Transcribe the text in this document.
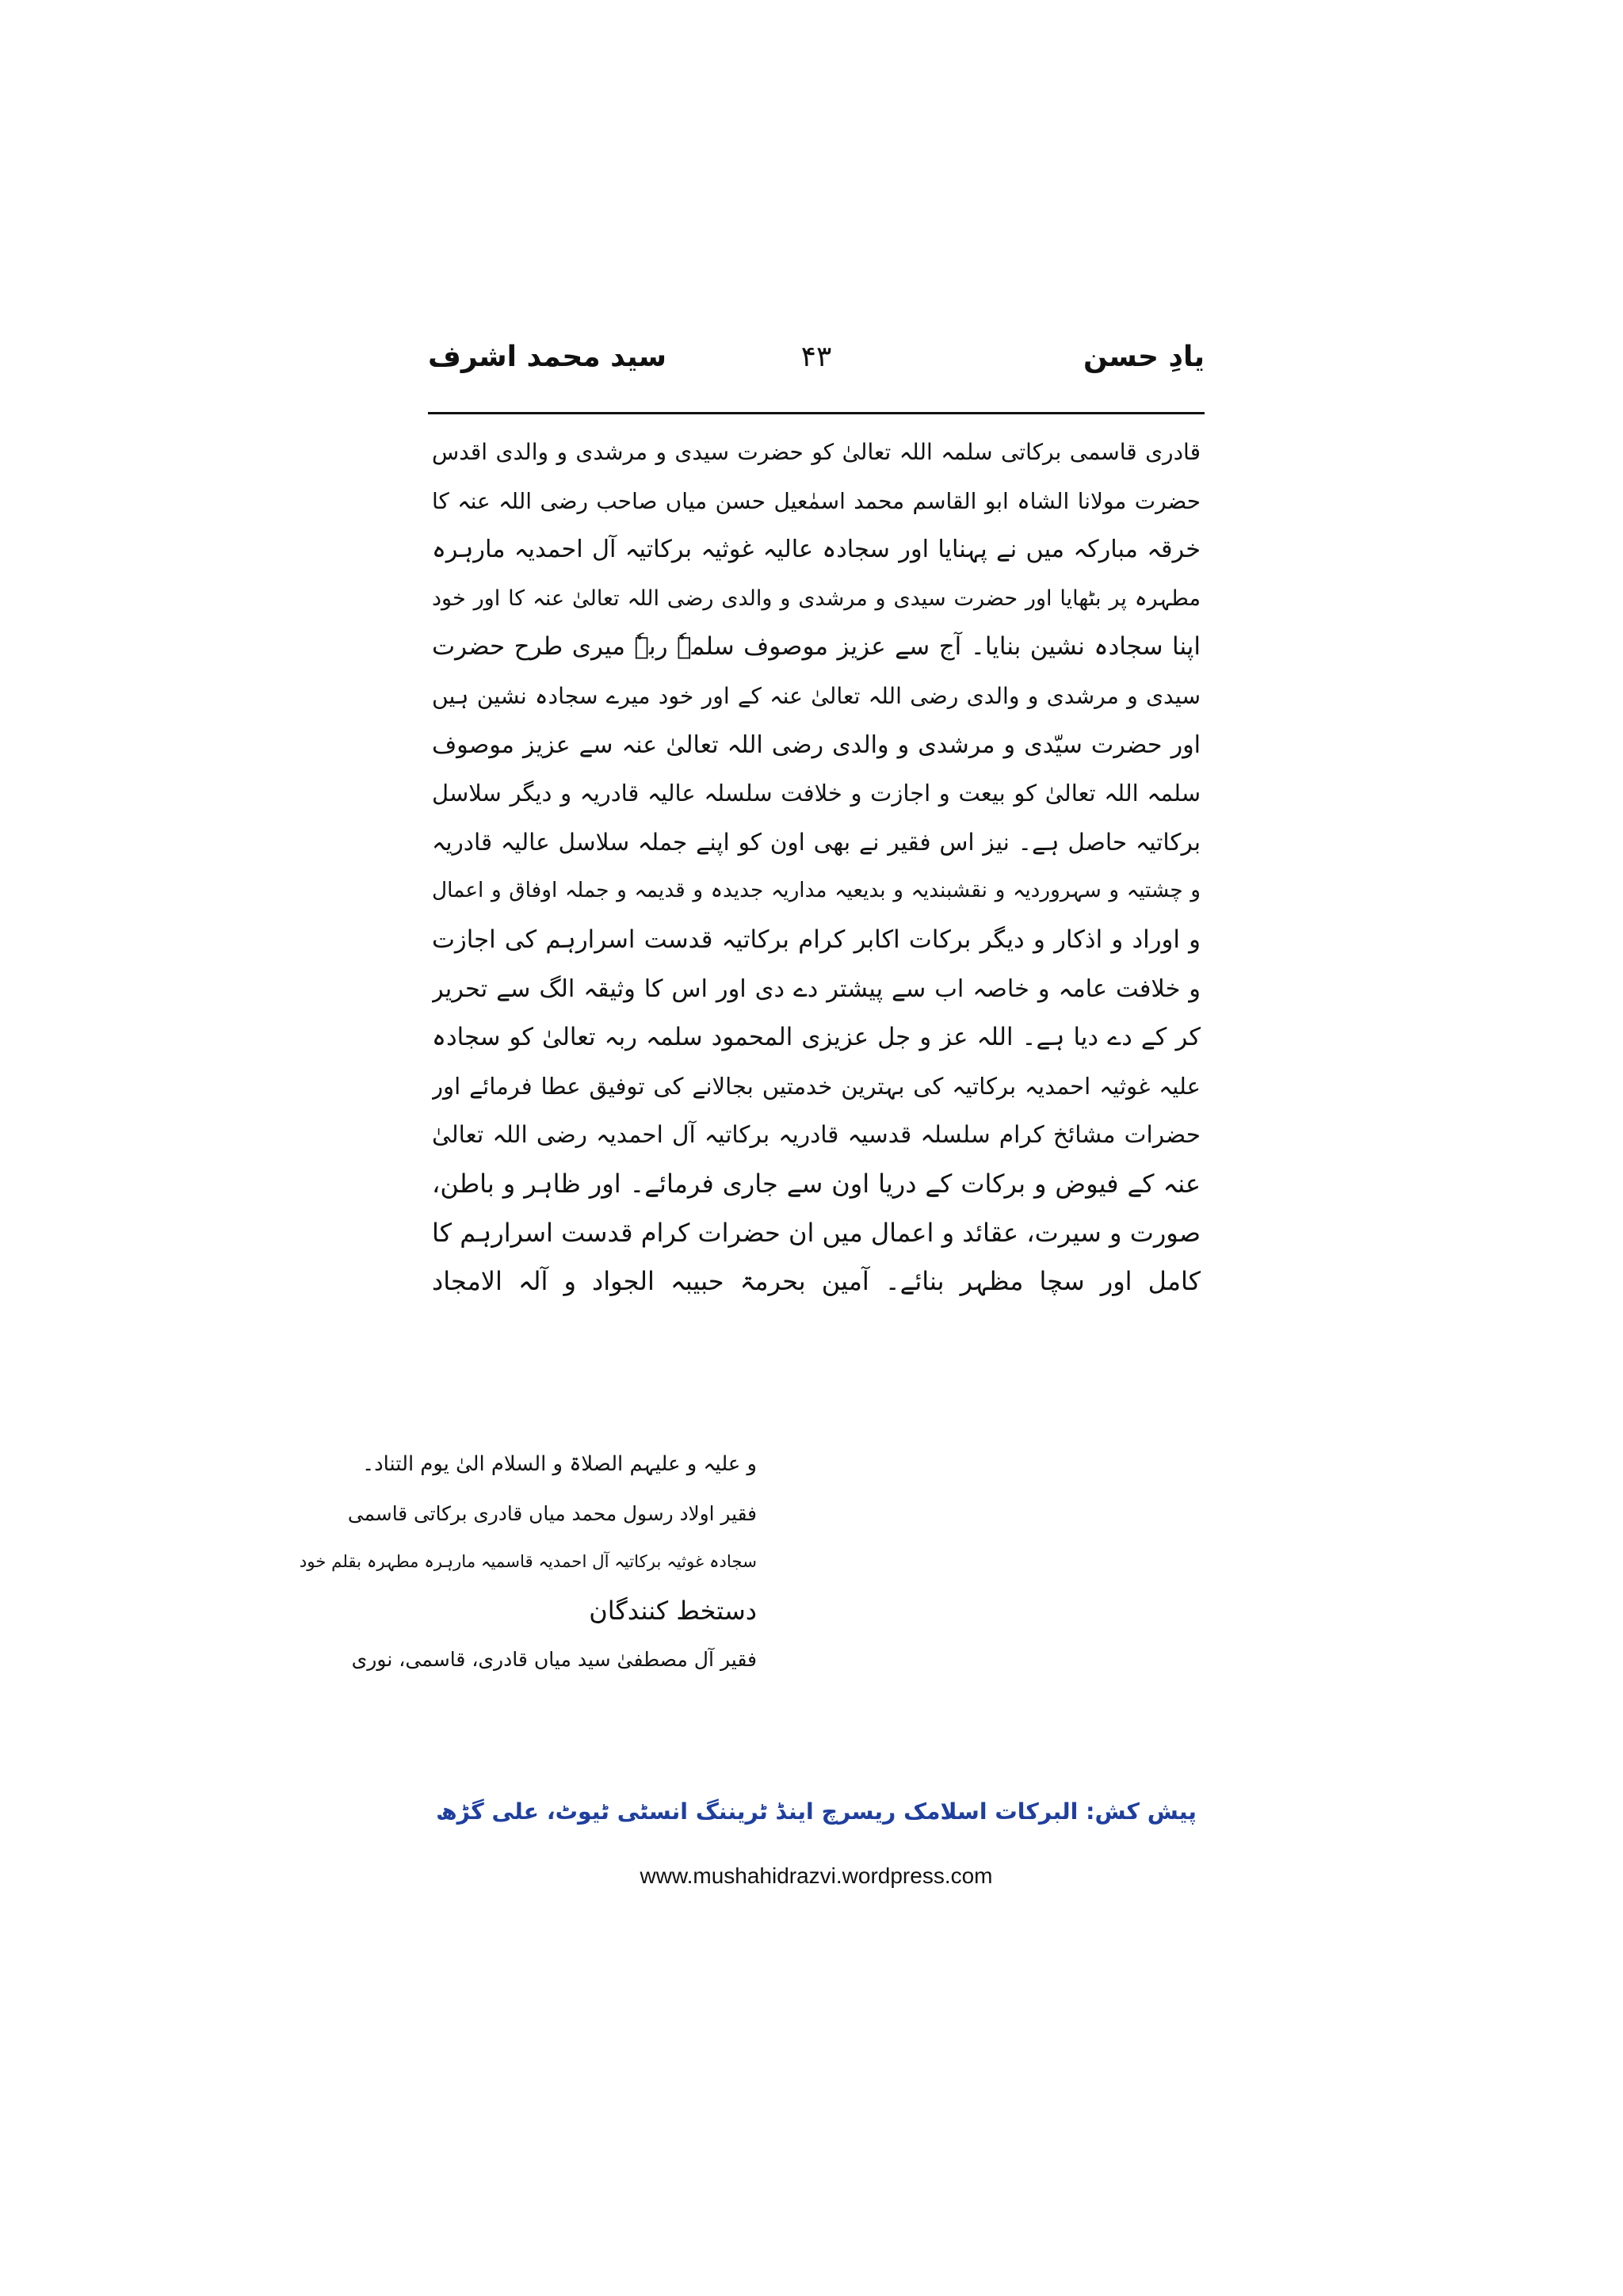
یادِ حسن
۴۳
سید محمد اشرف
قادری قاسمی برکاتی سلمہ اللہ تعالیٰ کو حضرت سیدی و مرشدی و والدی اقدس
حضرت مولانا الشاہ ابو القاسم محمد اسمٰعیل حسن میاں صاحب رضی اللہ عنہ کا
خرقہ مبارکہ میں نے پہنایا اور سجادہ عالیہ غوثیہ برکاتیہ آل احمدیہ مارہرہ
مطہرہ پر بٹھایا اور حضرت سیدی و مرشدی و والدی رضی اللہ تعالیٰ عنہ کا اور خود
اپنا سجادہ نشین بنایا۔ آج سے عزیز موصوف سلمہٗ ربہٗ میری طرح حضرت
سیدی و مرشدی و والدی رضی اللہ تعالیٰ عنہ کے اور خود میرے سجادہ نشین ہیں
اور حضرت سیّدی و مرشدی و والدی رضی اللہ تعالیٰ عنہ سے عزیز موصوف
سلمہ اللہ تعالیٰ کو بیعت و اجازت و خلافت سلسلہ عالیہ قادریہ و دیگر سلاسل
برکاتیہ حاصل ہے۔ نیز اس فقیر نے بھی اون کو اپنے جملہ سلاسل عالیہ قادریہ
و چشتیہ و سہروردیہ و نقشبندیہ و بدیعیہ مداریہ جدیدہ و قدیمہ و جملہ اوفاق و اعمال
و اوراد و اذکار و دیگر برکات اکابر کرام برکاتیہ قدست اسرارہم کی اجازت
و خلافت عامہ و خاصہ اب سے پیشتر دے دی اور اس کا وثیقہ الگ سے تحریر
کر کے دے دیا ہے۔ اللہ عز و جل عزیزی المحمود سلمہ ربہ تعالیٰ کو سجادہ
علیہ غوثیہ احمدیہ برکاتیہ کی بہترین خدمتیں بجالانے کی توفیق عطا فرمائے اور
حضرات مشائخ کرام سلسلہ قدسیہ قادریہ برکاتیہ آل احمدیہ رضی اللہ تعالیٰ
عنہ کے فیوض و برکات کے دریا اون سے جاری فرمائے۔ اور ظاہر و باطن،
صورت و سیرت، عقائد و اعمال میں ان حضرات کرام قدست اسرارہم کا
کامل اور سچا مظہر بنائے۔ آمین بحرمۃ حبیبہ الجواد و آلہ الامجاد
و علیہ و علیہم الصلاۃ و السلام الیٰ یوم التناد۔
فقیر اولاد رسول محمد میاں قادری برکاتی قاسمی
سجادہ غوثیہ برکاتیہ آل احمدیہ قاسمیہ مارہرہ مطہرہ بقلم خود
دستخط کنندگان
فقیر آل مصطفیٰ سید میاں قادری، قاسمی، نوری
پیش کش: البرکات اسلامک ریسرچ اینڈ ٹریننگ انسٹی ٹیوٹ، علی گڑھ
www.mushahidrazvi.wordpress.com
